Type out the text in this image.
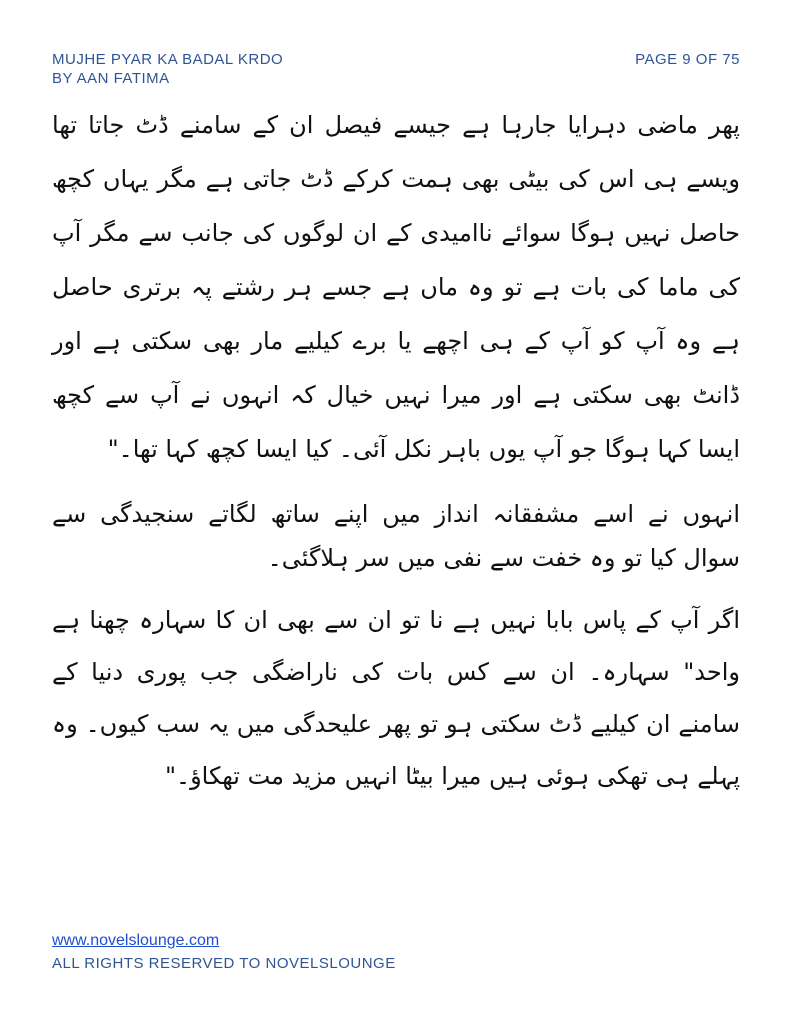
MUJHE PYAR KA BADAL KRDO
BY AAN FATIMA
PAGE 9 OF 75

پھر ماضی دہرایا جارہا ہے جیسے فیصل ان کے سامنے ڈٹ جاتا تھا ویسے ہی اس کی بیٹی بھی ہمت کرکے ڈٹ جاتی ہے مگر یہاں کچھ حاصل نہیں ہوگا سوائے ناامیدی کے ان لوگوں کی جانب سے مگر آپ کی ماما کی بات ہے تو وہ ماں ہے جسے ہر رشتے پہ برتری حاصل ہے وہ آپ کو آپ کے ہی اچھے یا برے کیلیے مار بھی سکتی ہے اور ڈانٹ بھی سکتی ہے اور میرا نہیں خیال کہ انہوں نے آپ سے کچھ ایسا کہا ہوگا جو آپ یوں باہر نکل آئی۔ کیا ایسا کچھ کہا تھا۔"

انہوں نے اسے مشفقانہ انداز میں اپنے ساتھ لگاتے سنجیدگی سے سوال کیا تو وہ خفت سے نفی میں سر ہلاگئی۔

اگر آپ کے پاس بابا نہیں ہے نا تو ان سے بھی ان کا سہارہ چھنا ہے واحد" سہارہ۔ ان سے کس بات کی ناراضگی جب پوری دنیا کے سامنے ان کیلیے ڈٹ سکتی ہو تو پھر علیحدگی میں یہ سب کیوں۔ وہ پہلے ہی تھکی ہوئی ہیں میرا بیٹا انہیں مزید مت تھکاؤ۔"

www.novelslounge.com
ALL RIGHTS RESERVED TO NOVELSLOUNGE
